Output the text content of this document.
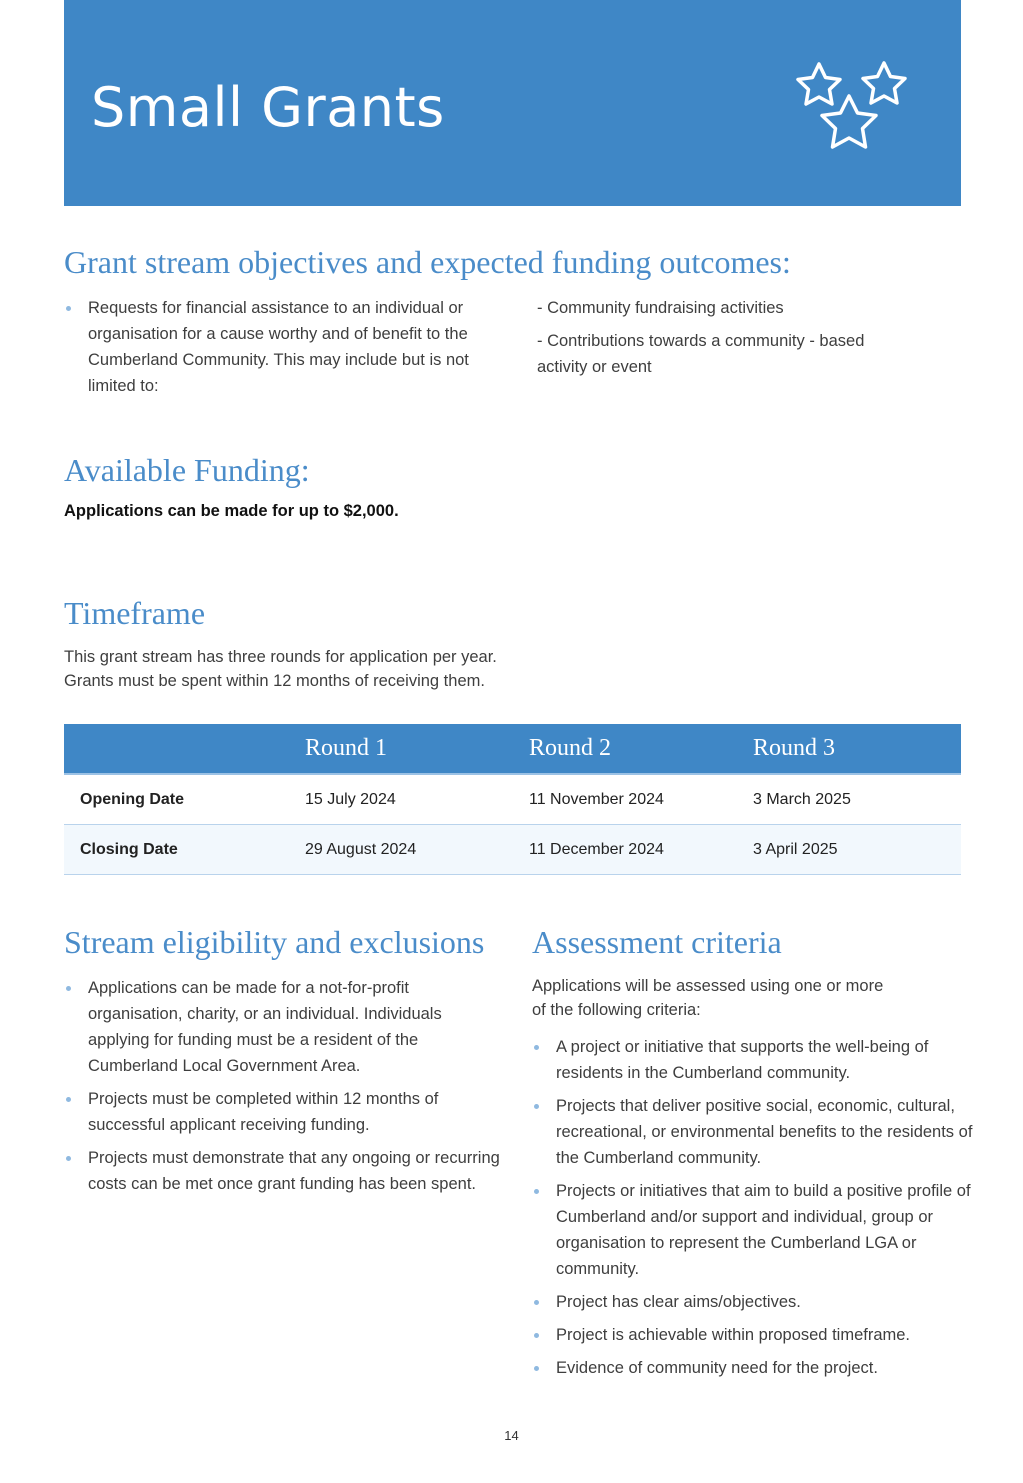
Small Grants
Grant stream objectives and expected funding outcomes:
Requests for financial assistance to an individual or organisation for a cause worthy and of benefit to the Cumberland Community. This may include but is not limited to:
- Community fundraising activities
- Contributions towards a community - based activity or event
Available Funding:
Applications can be made for up to $2,000.
Timeframe
This grant stream has three rounds for application per year.
Grants must be spent within 12 months of receiving them.
	Round 1	Round 2	Round 3
Opening Date	15 July 2024	11 November 2024	3 March 2025
Closing Date	29 August 2024	11 December 2024	3 April 2025
Stream eligibility and exclusions
Applications can be made for a not-for-profit organisation, charity, or an individual. Individuals applying for funding must be a resident of the Cumberland Local Government Area.
Projects must be completed within 12 months of successful applicant receiving funding.
Projects must demonstrate that any ongoing or recurring costs can be met once grant funding has been spent.
Assessment criteria
Applications will be assessed using one or more of the following criteria:
A project or initiative that supports the well-being of residents in the Cumberland community.
Projects that deliver positive social, economic, cultural, recreational, or environmental benefits to the residents of the Cumberland community.
Projects or initiatives that aim to build a positive profile of Cumberland and/or support and individual, group or organisation to represent the Cumberland LGA or community.
Project has clear aims/objectives.
Project is achievable within proposed timeframe.
Evidence of community need for the project.
14
